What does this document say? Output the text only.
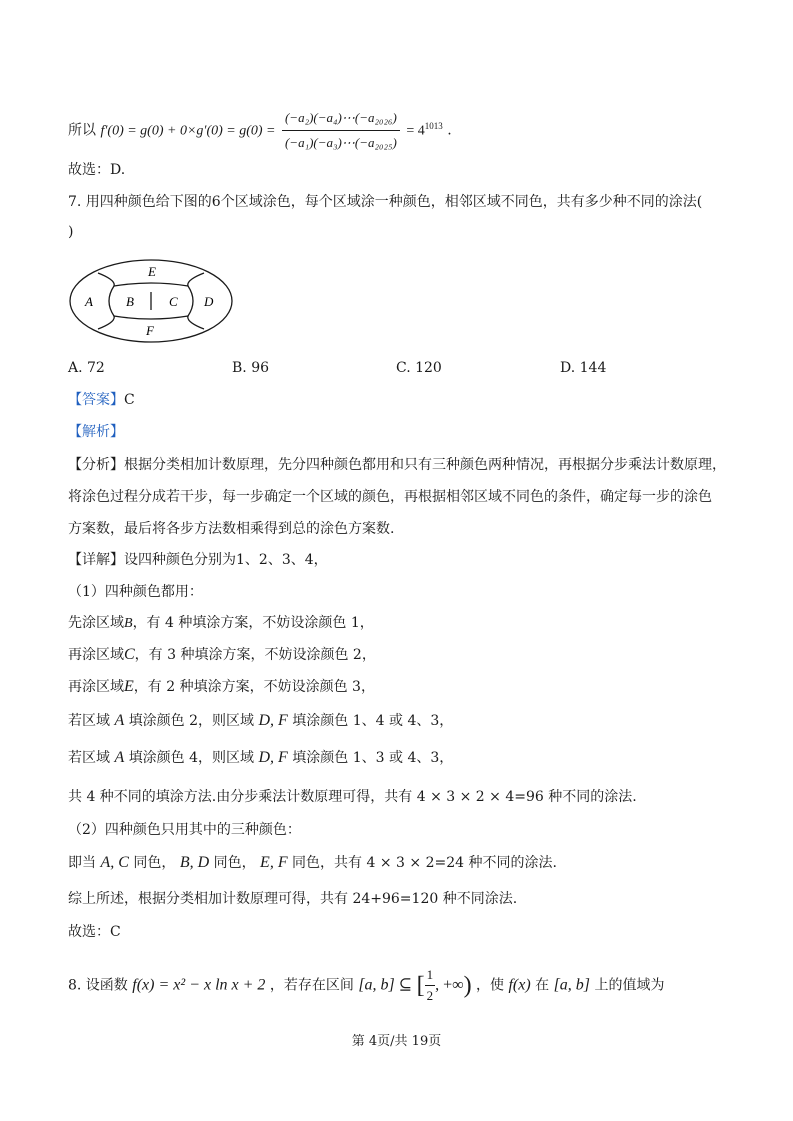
所以 $f'(0) = g(0) + 0\times g'(0) = g(0) = \frac{\text{(−a₂)(−a₄)⋯(−a₂₀₂₆)}}{\text{(−a₁)(−a₃)⋯(−a₂₀₂₅)}} = 4^{1013}$ .
故选：D.
7. 用四种颜色给下图的6个区域涂色，每个区域涂一种颜色，相邻区域不同色，共有多少种不同的涂法(
)
E
A	B	C D
F
A. 72	B. 96	C. 120	D. 144
【答案】C
【解析】
【分析】根据分类相加计数原理，先分四种颜色都用和只有三种颜色两种情况，再根据分步乘法计数原理，
将涂色过程分成若干步，每一步确定一个区域的颜色，再根据相邻区域不同色的条件，确定每一步的涂色
方案数，最后将各步方法数相乘得到总的涂色方案数.
【详解】设四种颜色分别为1、2、3、4，
（1）四种颜色都用：
先涂区域B，有 4 种填涂方案，不妨设涂颜色 1，
再涂区域C，有 3 种填涂方案，不妨设涂颜色 2，
再涂区域E，有 2 种填涂方案，不妨设涂颜色 3，
若区域 A 填涂颜色 2，则区域 D, F 填涂颜色 1、4 或 4、3，
若区域 A 填涂颜色 4，则区域 D, F 填涂颜色 1、3 或 4、3，
共 4 种不同的填涂方法.由分步乘法计数原理可得，共有 4 × 3 × 2 × 4=96 种不同的涂法.
（2）四种颜色只用其中的三种颜色：
即当 A, C 同色， B, D 同色， E, F 同色，共有 4 × 3 × 2=24 种不同的涂法.
综上所述，根据分类相加计数原理可得，共有 24+96=120 种不同涂法.
故选：C
8. 设函数 f(x) = x² − x ln x + 2 ，若存在区间 [a, b] ⊆ [ $\frac{1}{2}$ , +∞) ，使 f(x) 在 [a, b] 上的值域为
第 4页/共 19页
